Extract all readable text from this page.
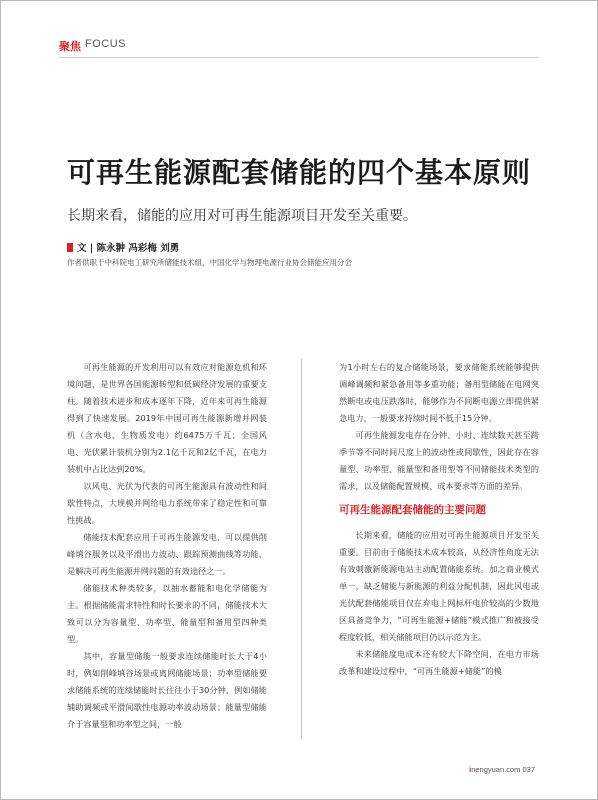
聚焦 FOCUS
可再生能源配套储能的四个基本原则
长期来看，储能的应用对可再生能源项目开发至关重要。
文 | 陈永翀 冯彩梅 刘勇
作者供职于中科院电工研究所储能技术组，中国化学与物理电源行业协会储能应用分会

可再生能源的开发利用可以有效应对能源危机和环境问题，是世界各国能源转型和低碳经济发展的重要支柱。随着技术进步和成本逐年下降，近年来可再生能源得到了快速发展。2019年中国可再生能源新增并网装机（含水电、生物质发电）约6475万千瓦；全国风电、光伏累计装机分别为2.1亿千瓦和2亿千瓦，在电力装机中占比达到20%。

以风电、光伏为代表的可再生能源具有波动性和间歇性特点，大规模并网给电力系统带来了稳定性和可靠性挑战。

储能技术配套应用于可再生能源发电，可以提供削峰填谷服务以及平滑出力波动、跟踪预测曲线等功能，是解决可再生能源并网问题的有效途径之一。

储能技术种类较多，以抽水蓄能和电化学储能为主。根据储能需求特性和时长要求的不同，储能技术大致可以分为容量型、功率型、能量型和备用型四种类型。

其中，容量型储能一般要求连续储能时长大于4小时，例如削峰填谷场景或离网储能场景；功率型储能要求储能系统的连续储能时长往往小于30分钟，例如储能辅助调频或平滑间歇性电源功率波动场景；能量型储能介于容量型和功率型之间，一般

为1小时左右的复合储能场景，要求储能系统能够提供调峰调频和紧急备用等多重功能；备用型储能在电网突然断电或电压跌落时，能够作为不间断电源立即提供紧急电力，一般要求持续时间不低于15分钟。

可再生能源发电存在分钟、小时、连续数天甚至跨季节等不同时间尺度上的波动性或间歇性，因此存在容量型、功率型、能量型和备用型等不同储能技术类型的需求，以及储能配置规模、成本要求等方面的差异。

可再生能源配套储能的主要问题

长期来看，储能的应用对可再生能源项目开发至关重要。目前由于储能技术成本较高，从经济性角度无法有效刺激新能源电站主动配置储能系统。加之商业模式单一，缺乏储能与新能源的利益分配机制，因此风电或光伏配套储能项目仅在弃电上网标杆电价较高的少数地区具备竞争力，“可再生能源+储能”模式推广和被接受程度较低，相关储能项目仍以示范为主。

未来储能度电成本还有较大下降空间，在电力市场改革和建设过程中，“可再生能源+储能”的模

inengyuan.com 037
